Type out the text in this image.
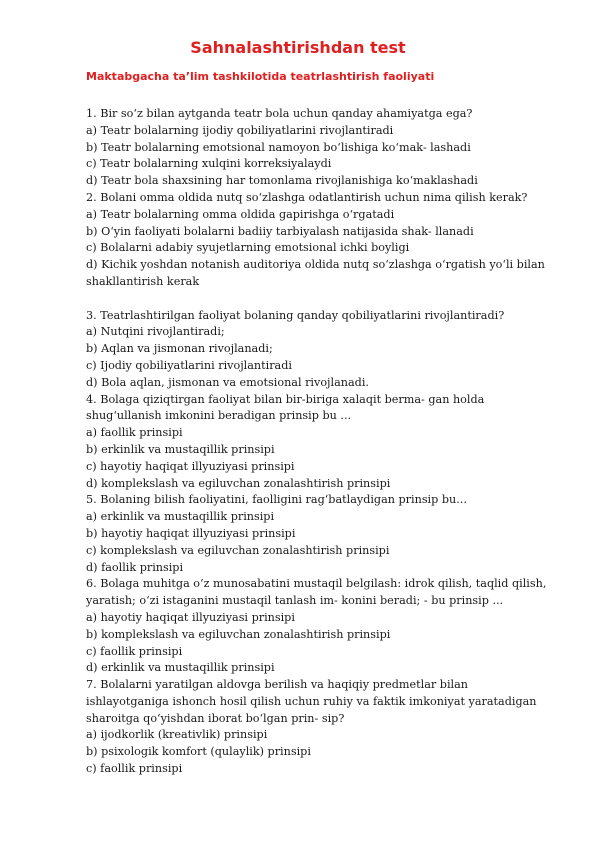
Sahnalashtirishdan test
Maktabgacha ta’lim tashkilotida teatrlashtirish faoliyati
1. Bir so‘z bilan aytganda teatr bola uchun qanday ahamiyatga ega?
a) Teatr bolalarning ijodiy qobiliyatlarini rivojlantiradi
b) Teatr bolalarning emotsional namoyon bo‘lishiga ko‘mak- lashadi
c) Teatr bolalarning xulqini korreksiyalaydi
d) Teatr bola shaxsining har tomonlama rivojlanishiga ko‘maklashadi
2. Bolani omma oldida nutq so‘zlashga odatlantirish uchun nima qilish kerak?
a) Teatr bolalarning omma oldida gapirishga o‘rgatadi
b) O‘yin faoliyati bolalarni badiiy tarbiyalash natijasida shak- llanadi
c) Bolalarni adabiy syujetlarning emotsional ichki boyligi
d) Kichik yoshdan notanish auditoriya oldida nutq so‘zlashga o‘rgatish yo‘li bilan
shakllantirish kerak
3. Teatrlashtirilgan faoliyat bolaning qanday qobiliyatlarini rivojlantiradi?
a) Nutqini rivojlantiradi;
b) Aqlan va jismonan rivojlanadi;
c) Ijodiy qobiliyatlarini rivojlantiradi
d) Bola aqlan, jismonan va emotsional rivojlanadi.
4. Bolaga qiziqtirgan faoliyat bilan bir-biriga xalaqit berma- gan holda
shug‘ullanish imkonini beradigan prinsip bu ...
a) faollik prinsipi
b) erkinlik va mustaqillik prinsipi
c) hayotiy haqiqat illyuziyasi prinsipi
d) komplekslash va egiluvchan zonalashtirish prinsipi
5. Bolaning bilish faoliyatini, faolligini rag‘batlaydigan prinsip bu...
a) erkinlik va mustaqillik prinsipi
b) hayotiy haqiqat illyuziyasi prinsipi
c) komplekslash va egiluvchan zonalashtirish prinsipi
d) faollik prinsipi
6. Bolaga muhitga o‘z munosabatini mustaqil belgilash: idrok qilish, taqlid qilish,
yaratish; o‘zi istaganini mustaqil tanlash im- konini beradi; - bu prinsip ...
a) hayotiy haqiqat illyuziyasi prinsipi
b) komplekslash va egiluvchan zonalashtirish prinsipi
c) faollik prinsipi
d) erkinlik va mustaqillik prinsipi
7. Bolalarni yaratilgan aldovga berilish va haqiqiy predmetlar bilan
ishlayotganiga ishonch hosil qilish uchun ruhiy va faktik imkoniyat yaratadigan
sharoitga qo‘yishdan iborat bo‘lgan prin- sip?
a) ijodkorlik (kreativlik) prinsipi
b) psixologik komfort (qulaylik) prinsipi
c) faollik prinsipi
